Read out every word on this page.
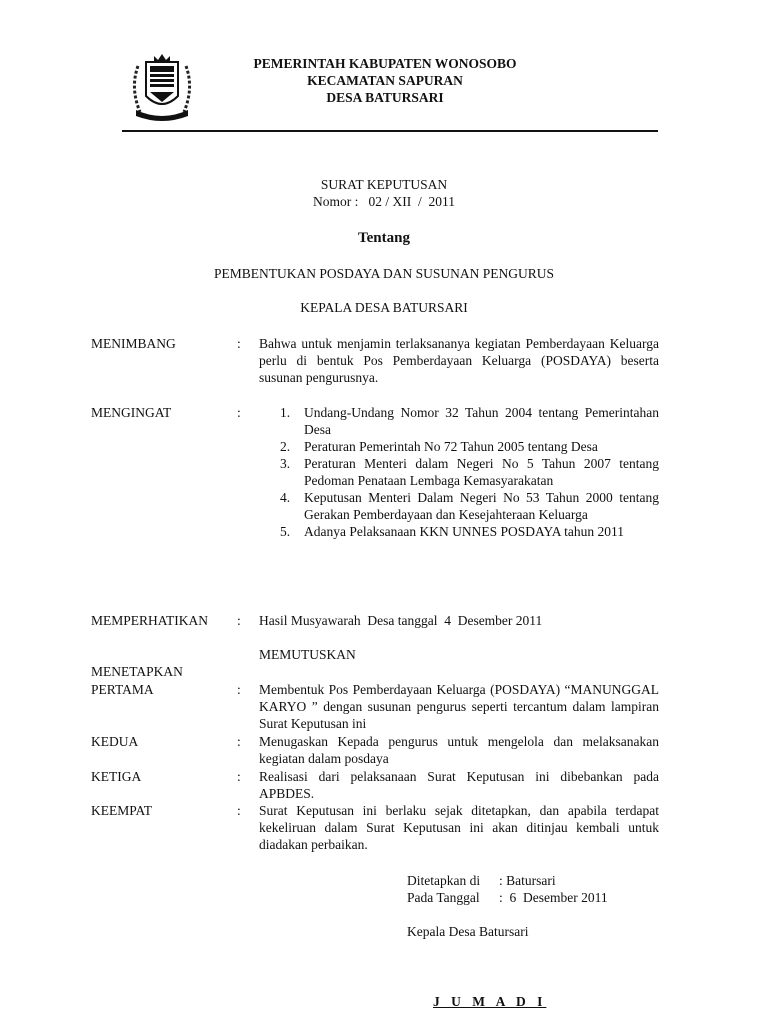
PEMERINTAH KABUPATEN WONOSOBO
KECAMATAN SAPURAN
DESA BATURSARI
SURAT KEPUTUSAN
Nomor :   02 / XII  /  2011
Tentang
PEMBENTUKAN POSDAYA DAN SUSUNAN PENGURUS
KEPALA DESA BATURSARI
MENIMBANG	: Bahwa untuk menjamin terlaksananya kegiatan Pemberdayaan Keluarga perlu di bentuk Pos Pemberdayaan Keluarga (POSDAYA) beserta susunan pengurusnya.
MENGINGAT	:	1. Undang-Undang Nomor 32 Tahun 2004 tentang Pemerintahan Desa
2. Peraturan Pemerintah No 72 Tahun 2005 tentang Desa
3. Peraturan Menteri dalam Negeri No 5 Tahun 2007 tentang Pedoman Penataan Lembaga Kemasyarakatan
4. Keputusan Menteri Dalam Negeri No 53 Tahun 2000 tentang Gerakan Pemberdayaan dan Kesejahteraan Keluarga
5. Adanya Pelaksanaan KKN UNNES POSDAYA tahun 2011
MEMPERHATIKAN : Hasil Musyawarah  Desa tanggal  4  Desember 2011
MEMUTUSKAN
MENETAPKAN
PERTAMA	: Membentuk Pos Pemberdayaan Keluarga (POSDAYA) “MANUNGGAL KARYO ” dengan susunan pengurus seperti tercantum dalam lampiran Surat Keputusan ini
KEDUA	: Menugaskan Kepada pengurus untuk mengelola dan melaksanakan kegiatan dalam posdaya
KETIGA	: Realisasi dari pelaksanaan Surat Keputusan ini dibebankan pada APBDES.
KEEMPAT	: Surat Keputusan ini berlaku sejak ditetapkan, dan apabila terdapat kekeliruan dalam Surat Keputusan ini akan ditinjau kembali untuk diadakan perbaikan.
Ditetapkan di : Batursari
Pada Tanggal :  6  Desember 2011
Kepala Desa Batursari
J U M A D I
